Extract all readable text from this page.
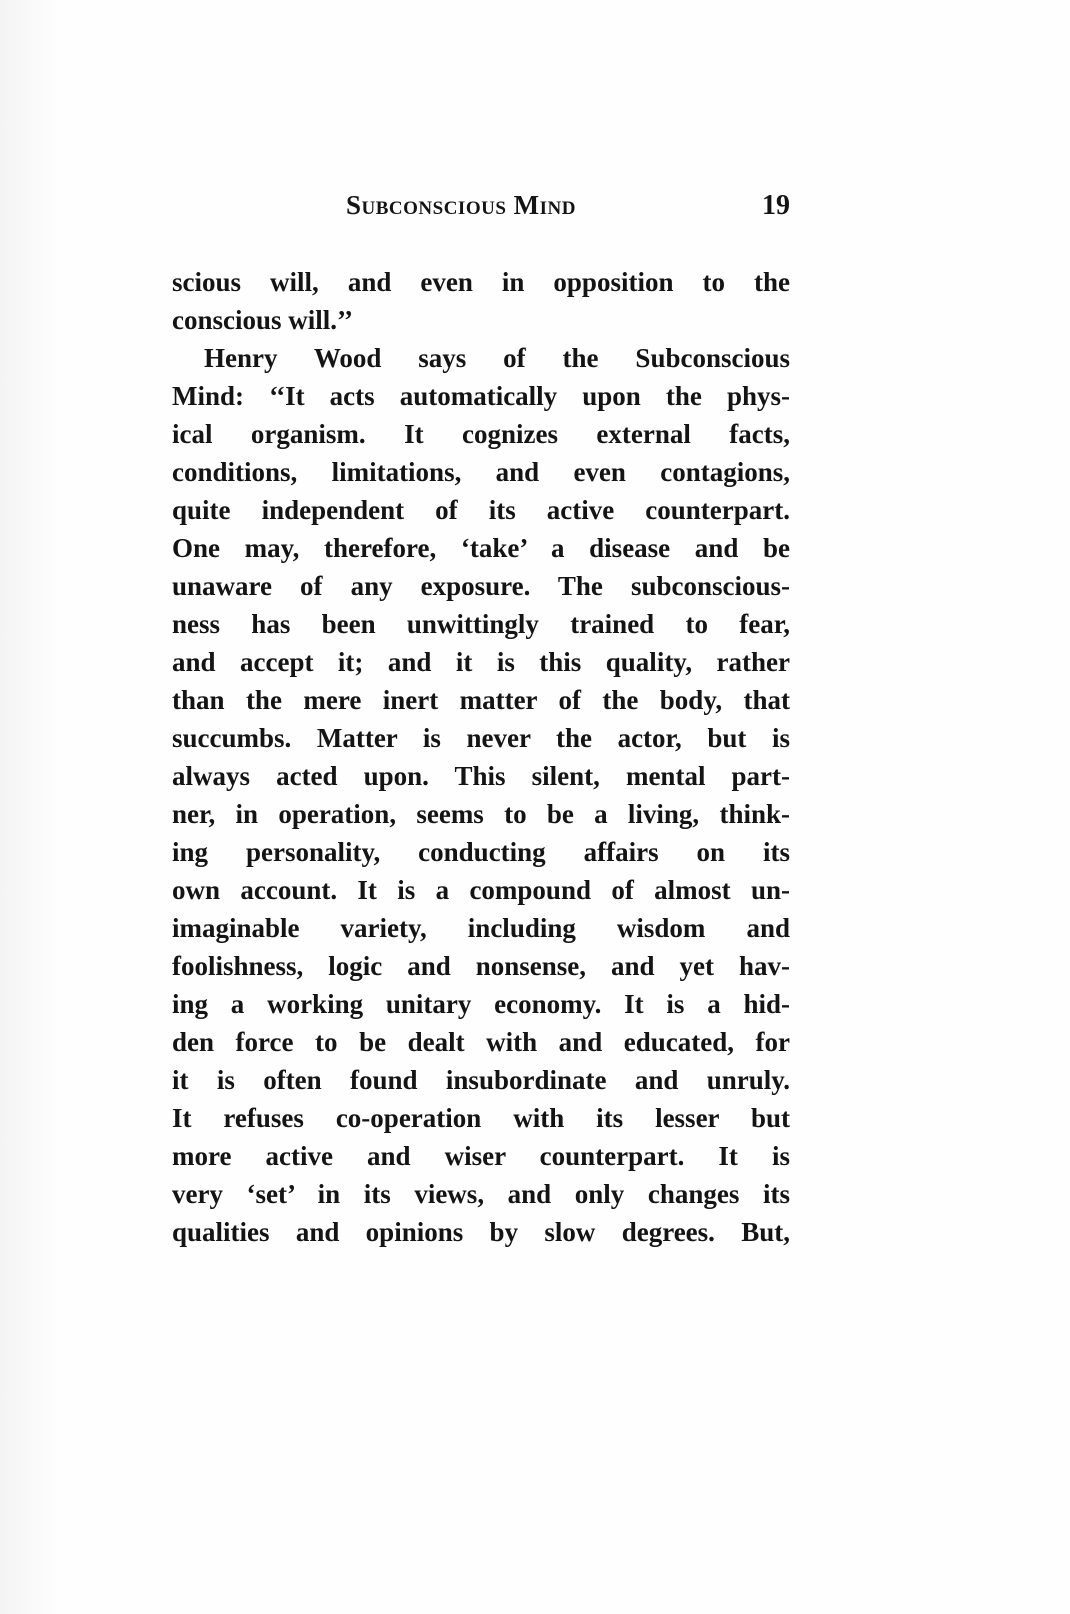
Subconscious Mind	19
scious will, and even in opposition to the
conscious will.’’
Henry Wood says of the Subconscious
Mind: ‘‘It acts automatically upon the phys-
ical organism. It cognizes external facts,
conditions, limitations, and even contagions,
quite independent of its active counterpart.
One may, therefore, ‘take’ a disease and be
unaware of any exposure. The subconscious-
ness has been unwittingly trained to fear,
and accept it; and it is this quality, rather
than the mere inert matter of the body, that
succumbs. Matter is never the actor, but is
always acted upon. This silent, mental part-
ner, in operation, seems to be a living, think-
ing personality, conducting affairs on its
own account. It is a compound of almost un-
imaginable variety, including wisdom and
foolishness, logic and nonsense, and yet hav-
ing a working unitary economy. It is a hid-
den force to be dealt with and educated, for
it is often found insubordinate and unruly.
It refuses co-operation with its lesser but
more active and wiser counterpart. It is
very ‘set’ in its views, and only changes its
qualities and opinions by slow degrees. But,
